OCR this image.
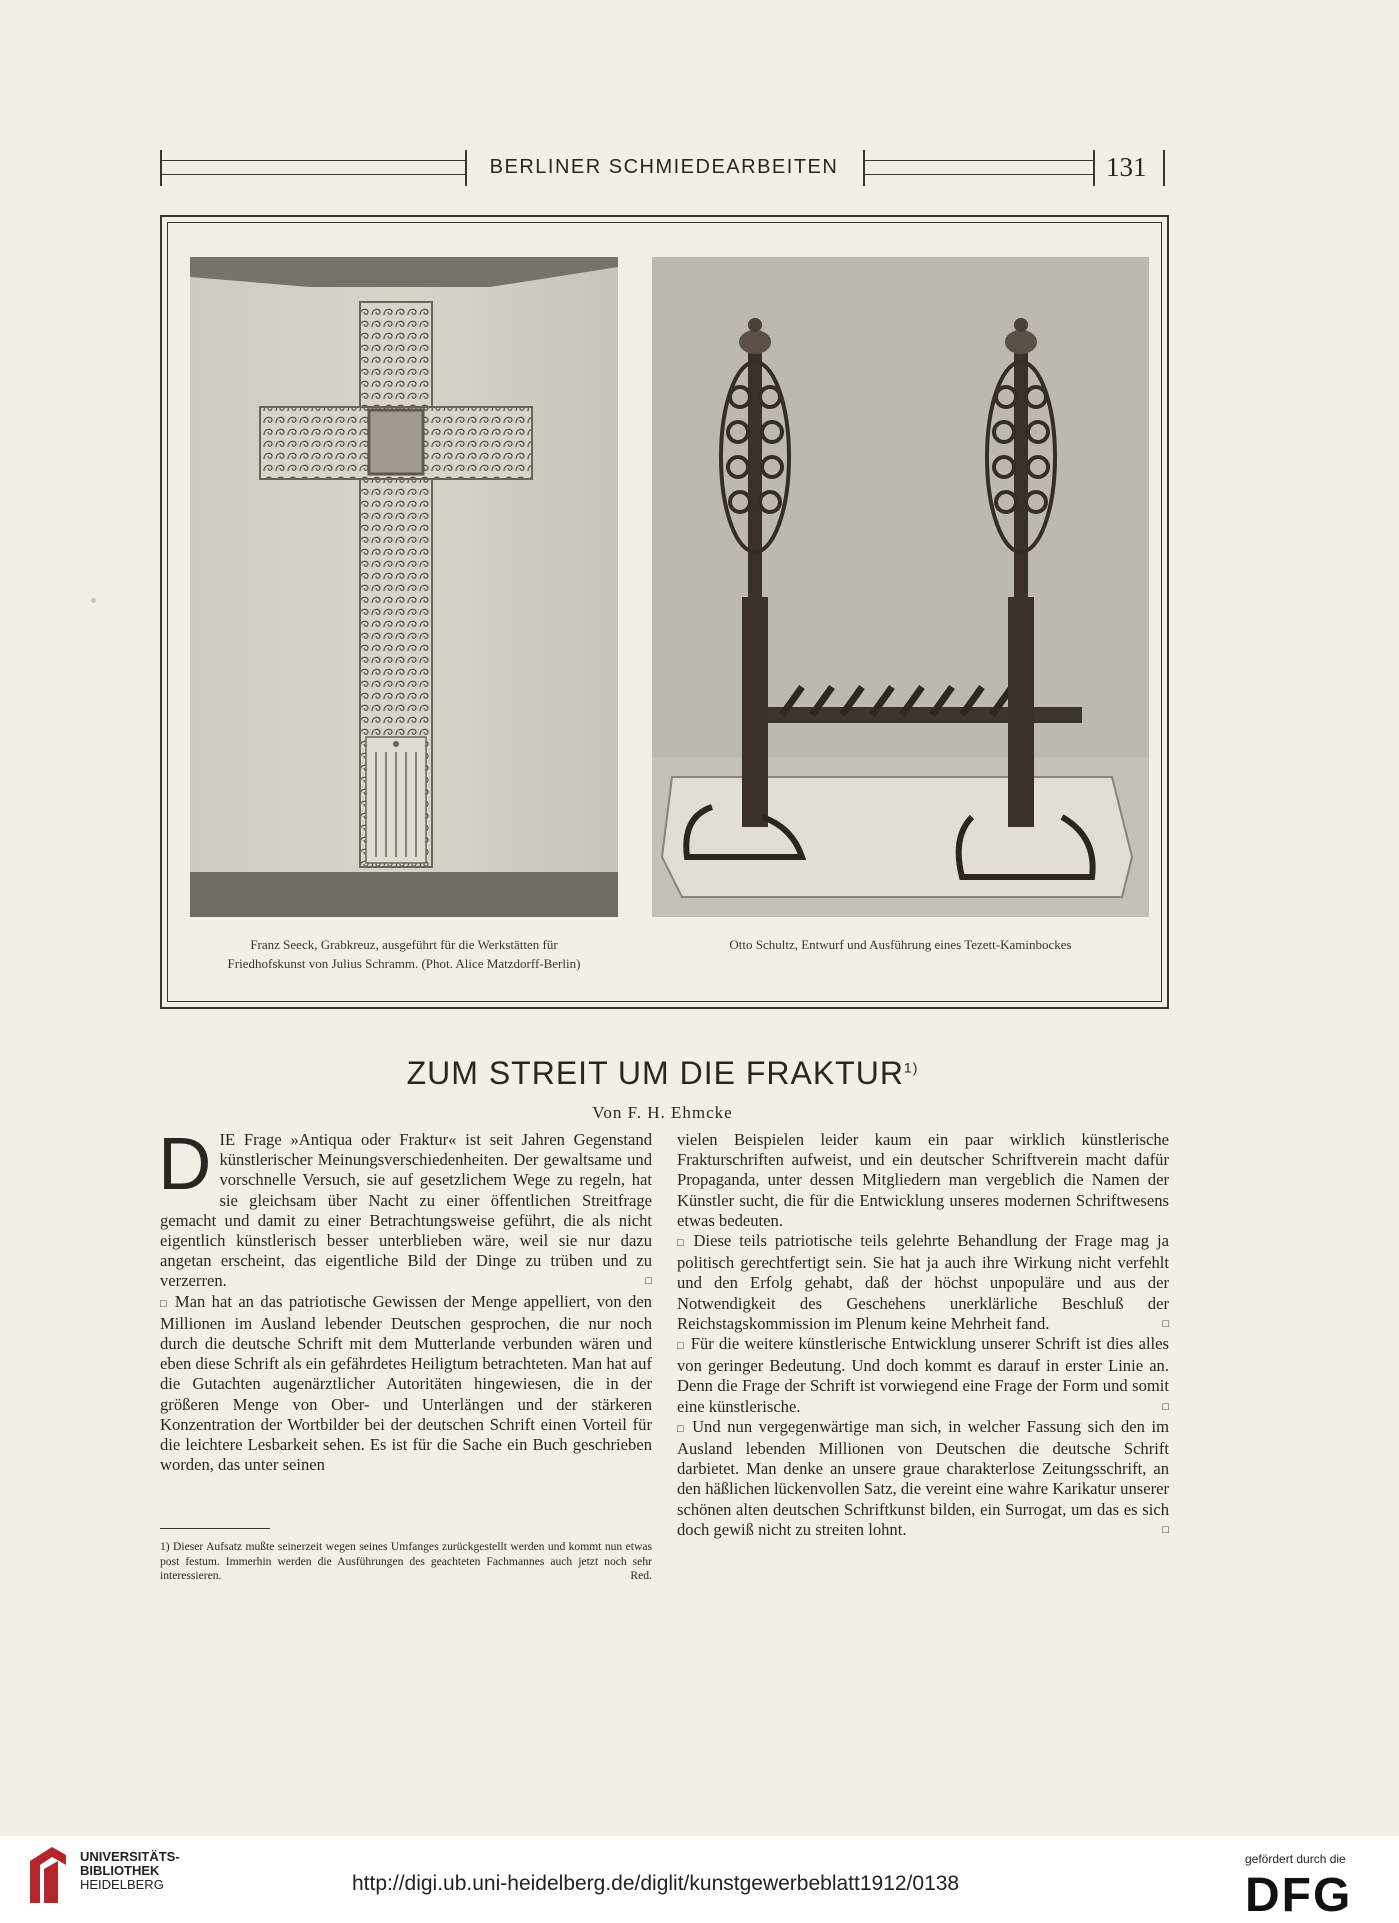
BERLINER SCHMIEDEARBEITEN	131
Franz Seeck, Grabkreuz, ausgeführt für die Werkstätten für
Friedhofskunst von Julius Schramm. (Phot. Alice Matzdorff-Berlin)
Otto Schultz, Entwurf und Ausführung eines Tezett-Kaminbockes
ZUM STREIT UM DIE FRAKTUR$^{1)}$
Von F. H. Ehmcke

DIE Frage »Antiqua oder Fraktur« ist seit Jahren Gegenstand künstlerischer Meinungsverschiedenheiten. Der gewaltsame und vorschnelle Versuch, sie auf gesetzlichem Wege zu regeln, hat sie gleichsam über Nacht zu einer öffentlichen Streitfrage gemacht und damit zu einer Betrachtungsweise geführt, die als nicht eigentlich künstlerisch besser unterblieben wäre, weil sie nur dazu angetan erscheint, das eigentliche Bild der Dinge zu trüben und zu verzerren.	□

□ Man hat an das patriotische Gewissen der Menge appelliert, von den Millionen im Ausland lebender Deutschen gesprochen, die nur noch durch die deutsche Schrift mit dem Mutterlande verbunden wären und eben diese Schrift als ein gefährdetes Heiligtum betrachteten. Man hat auf die Gutachten augenärztlicher Autoritäten hingewiesen, die in der größeren Menge von Ober- und Unterlängen und der stärkeren Konzentration der Wortbilder bei der deutschen Schrift einen Vorteil für die leichtere Lesbarkeit sehen. Es ist für die Sache ein Buch geschrieben worden, das unter seinen

vielen Beispielen leider kaum ein paar wirklich künstlerische Frakturschriften aufweist, und ein deutscher Schriftverein macht dafür Propaganda, unter dessen Mitgliedern man vergeblich die Namen der Künstler sucht, die für die Entwicklung unseres modernen Schriftwesens etwas bedeuten.

□ Diese teils patriotische teils gelehrte Behandlung der Frage mag ja politisch gerechtfertigt sein. Sie hat ja auch ihre Wirkung nicht verfehlt und den Erfolg gehabt, daß der höchst unpopuläre und aus der Notwendigkeit des Geschehens unerklärliche Beschluß der Reichstagskommission im Plenum keine Mehrheit fand.	□

□ Für die weitere künstlerische Entwicklung unserer Schrift ist dies alles von geringer Bedeutung. Und doch kommt es darauf in erster Linie an. Denn die Frage der Schrift ist vorwiegend eine Frage der Form und somit eine künstlerische.	□

□ Und nun vergegenwärtige man sich, in welcher Fassung sich den im Ausland lebenden Millionen von Deutschen die deutsche Schrift darbietet. Man denke an unsere graue charakterlose Zeitungsschrift, an den häßlichen lückenvollen Satz, die vereint eine wahre Karikatur unserer schönen alten deutschen Schriftkunst bilden, ein Surrogat, um das es sich doch gewiß nicht zu streiten lohnt.	□

1) Dieser Aufsatz mußte seinerzeit wegen seines Umfanges zurückgestellt werden und kommt nun etwas post festum. Immerhin werden die Ausführungen des geachteten Fachmannes auch jetzt noch sehr interessieren.	Red.
UNIVERSITÄTS-
BIBLIOTHEK
HEIDELBERG	http://digi.ub.uni-heidelberg.de/diglit/kunstgewerbeblatt1912/0138
gefördert durch die
DFG
